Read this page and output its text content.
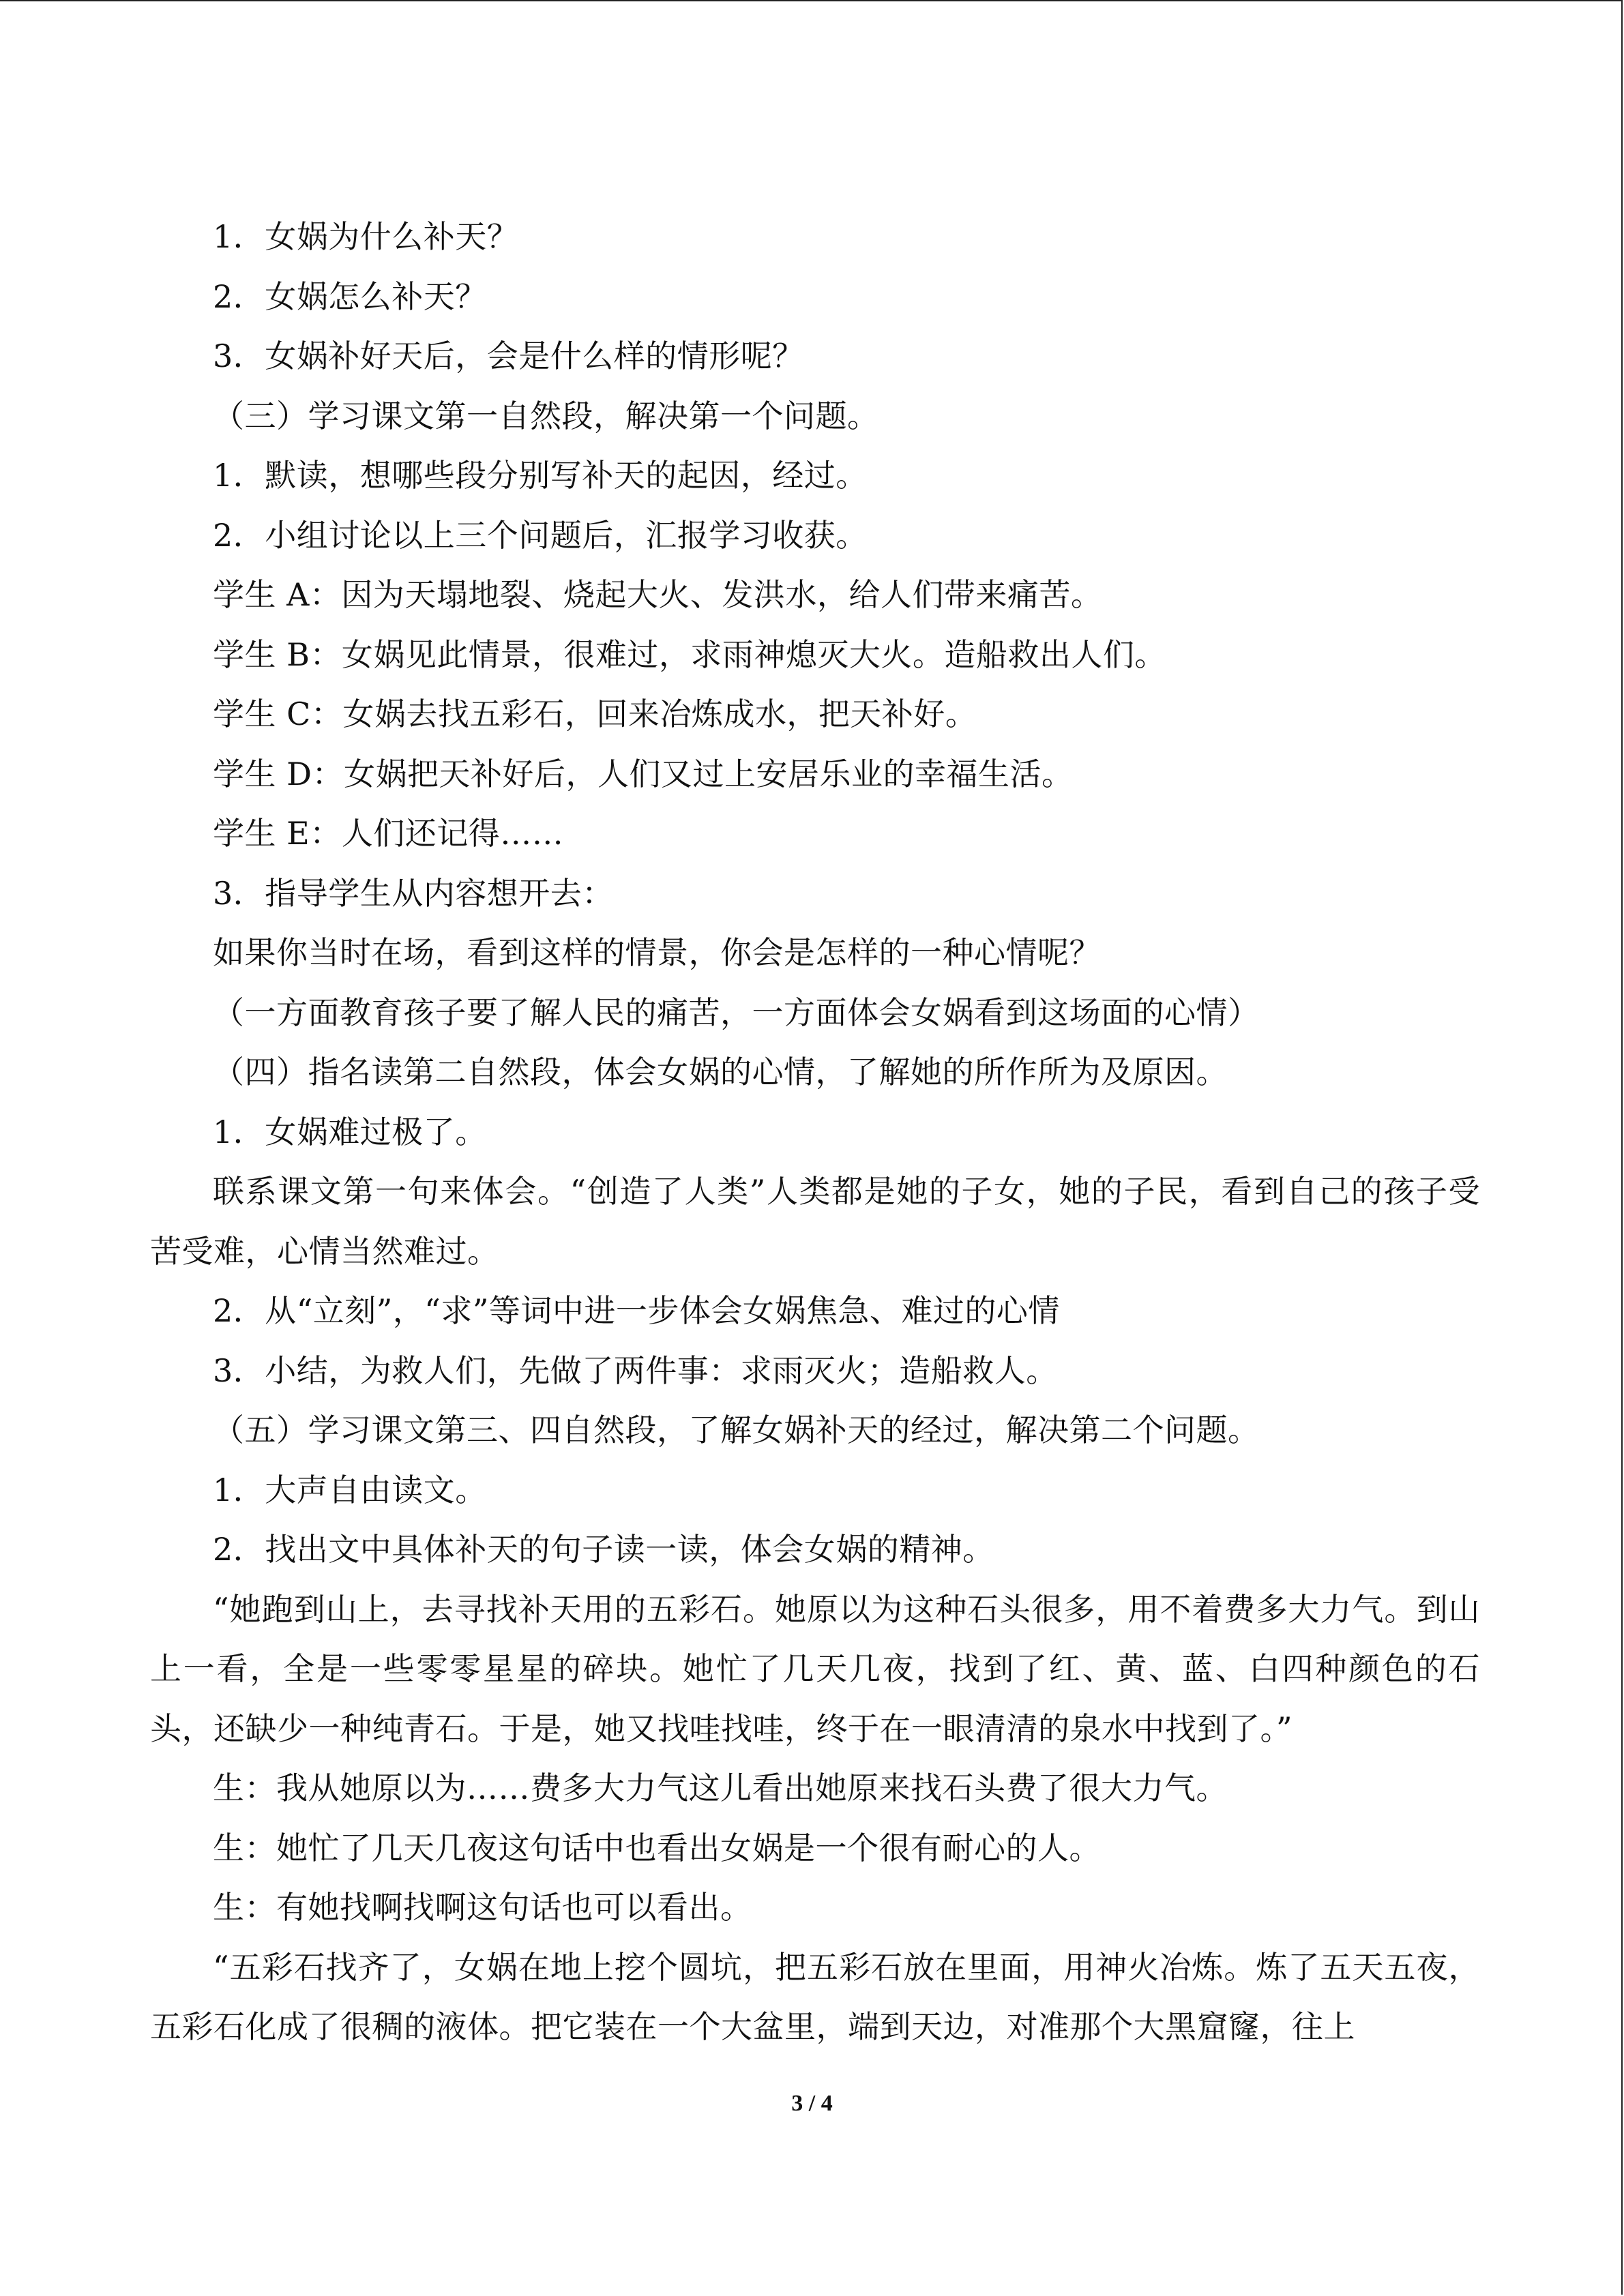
1．女娲为什么补天？

2．女娲怎么补天？

3．女娲补好天后，会是什么样的情形呢？

（三）学习课文第一自然段，解决第一个问题。

1．默读，想哪些段分别写补天的起因，经过。

2．小组讨论以上三个问题后，汇报学习收获。

学生 A：因为天塌地裂、烧起大火、发洪水，给人们带来痛苦。

学生 B：女娲见此情景，很难过，求雨神熄灭大火。造船救出人们。

学生 C：女娲去找五彩石，回来冶炼成水，把天补好。

学生 D：女娲把天补好后，人们又过上安居乐业的幸福生活。

学生 E：人们还记得……

3．指导学生从内容想开去：

如果你当时在场，看到这样的情景，你会是怎样的一种心情呢？

（一方面教育孩子要了解人民的痛苦，一方面体会女娲看到这场面的心情）

（四）指名读第二自然段，体会女娲的心情，了解她的所作所为及原因。

1．女娲难过极了。

联系课文第一句来体会。“创造了人类”人类都是她的子女，她的子民，看到自己的孩子受苦受难，心情当然难过。

2．从“立刻”，“求”等词中进一步体会女娲焦急、难过的心情

3．小结，为救人们，先做了两件事：求雨灭火；造船救人。

（五）学习课文第三、四自然段，了解女娲补天的经过，解决第二个问题。

1．大声自由读文。

2．找出文中具体补天的句子读一读，体会女娲的精神。

“她跑到山上，去寻找补天用的五彩石。她原以为这种石头很多，用不着费多大力气。到山上一看，全是一些零零星星的碎块。她忙了几天几夜，找到了红、黄、蓝、白四种颜色的石头，还缺少一种纯青石。于是，她又找哇找哇，终于在一眼清清的泉水中找到了。”

生：我从她原以为……费多大力气这儿看出她原来找石头费了很大力气。

生：她忙了几天几夜这句话中也看出女娲是一个很有耐心的人。

生：有她找啊找啊这句话也可以看出。

“五彩石找齐了，女娲在地上挖个圆坑，把五彩石放在里面，用神火冶炼。炼了五天五夜，五彩石化成了很稠的液体。把它装在一个大盆里，端到天边，对准那个大黑窟窿，往上

3 / 4
